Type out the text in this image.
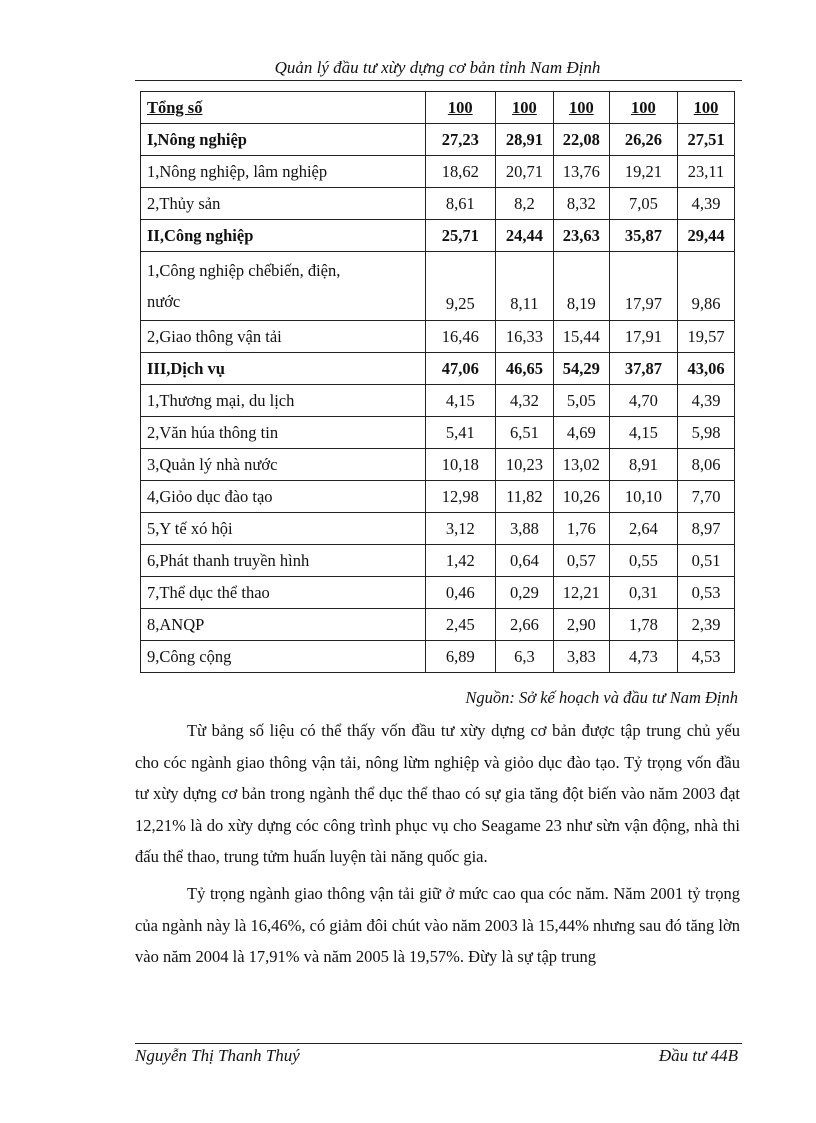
Quản lý đầu tư xừy dựng cơ bản tỉnh Nam Định
Tổng số	100	100	100	100	100
I,Nông nghiệp	27,23	28,91	22,08	26,26	27,51
1,Nông nghiệp, lâm nghiệp	18,62	20,71	13,76	19,21	23,11
2,Thủy sản	8,61	8,2	8,32	7,05	4,39
II,Công nghiệp	25,71	24,44	23,63	35,87	29,44
1,Công nghiệp chếbiến, điện,
nước	9,25	8,11	8,19	17,97	9,86
2,Giao thông vận tải	16,46	16,33	15,44	17,91	19,57
III,Dịch vụ	47,06	46,65	54,29	37,87	43,06
1,Thương mại, du lịch	4,15	4,32	5,05	4,70	4,39
2,Văn húa thông tin	5,41	6,51	4,69	4,15	5,98
3,Quản lý nhà nước	10,18	10,23	13,02	8,91	8,06
4,Giỏo dục đào tạo	12,98	11,82	10,26	10,10	7,70
5,Y tế xó hội	3,12	3,88	1,76	2,64	8,97
6,Phát thanh truyền hình	1,42	0,64	0,57	0,55	0,51
7,Thể dục thể thao	0,46	0,29	12,21	0,31	0,53
8,ANQP	2,45	2,66	2,90	1,78	2,39
9,Công cộng	6,89	6,3	3,83	4,73	4,53
Nguồn: Sở kế hoạch và đầu tư Nam Định

Từ bảng số liệu có thể thấy vốn đầu tư xừy dựng cơ bản được tập trung chủ yếu cho cóc ngành giao thông vận tải, nông lừm nghiệp và giỏo dục đào tạo. Tỷ trọng vốn đầu tư xừy dựng cơ bản trong ngành thể dục thể thao có sự gia tăng đột biến vào năm 2003 đạt 12,21% là do xừy dựng cóc công trình phục vụ cho Seagame 23 như sừn vận động, nhà thi đấu thể thao, trung tửm huấn luyện tài năng quốc gia.

Tỷ trọng ngành giao thông vận tải giữ ở mức cao qua cóc năm. Năm 2001 tỷ trọng của ngành này là 16,46%, có giảm đôi chút vào năm 2003 là 15,44% nhưng sau đó tăng lờn vào năm 2004 là 17,91% và năm 2005 là 19,57%. Đừy là sự tập trung

Nguyễn Thị Thanh Thuý	Đầu tư 44B
